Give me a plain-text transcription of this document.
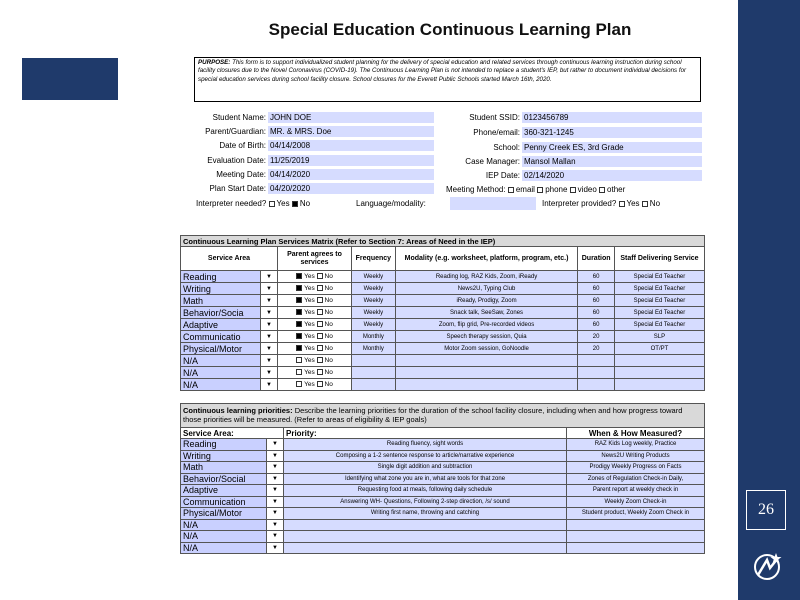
Special Education Continuous Learning Plan
PURPOSE: This form is to support individualized student planning for the delivery of special education and related services through continuous learning instruction during school facility closures due to the Novel Coronavirus (COVID-19). The Continuous Learning Plan is not intended to replace a student's IEP, but rather to document individual decisions for special education services during school facility closure. School closures for the Everett Public Schools started March 16th, 2020.
Student Name: JOHN DOE
Parent/Guardian: MR. & MRS. Doe
Date of Birth: 04/14/2008
Evaluation Date: 11/25/2019
Meeting Date: 04/14/2020
Plan Start Date: 04/20/2020
Student SSID: 0123456789
Phone/email: 360-321-1245
School: Penny Creek ES, 3rd Grade
Case Manager: Mansol Mallan
IEP Date: 02/14/2020
Meeting Method: email phone video other
Interpreter needed? Yes No	Language/modality:	Interpreter provided? Yes No
Continuous Learning Plan Services Matrix (Refer to Section 7: Areas of Need in the IEP)						
Service Area		Parent agrees to services	Frequency	Modality (e.g. worksheet, platform, program, etc.)	Duration	Staff Delivering Service
Reading	▼	Yes No	Weekly	Reading log, RAZ Kids, Zoom, iReady	60	Special Ed Teacher
Writing	▼	Yes No	Weekly	News2U, Typing Club	60	Special Ed Teacher
Math	▼	Yes No	Weekly	iReady, Prodigy, Zoom	60	Special Ed Teacher
Behavior/Socia	▼	Yes No	Weekly	Snack talk, SeeSaw, Zones	60	Special Ed Teacher
Adaptive	▼	Yes No	Weekly	Zoom, flip grid, Pre-recorded videos	60	Special Ed Teacher
Communicatio	▼	Yes No	Monthly	Speech therapy session, Quia	20	SLP
Physical/Motor	▼	Yes No	Monthly	Motor Zoom session, GoNoodle	20	OT/PT
N/A	▼	Yes No				
N/A	▼	Yes No				
N/A	▼	Yes No				
Continuous learning priorities: Describe the learning priorities for the duration of the school facility closure, including when and how progress toward those priorities will be measured. (Refer to areas of eligibility & IEP goals)			
Service Area:		Priority:	When & How Measured?
Reading	▼	Reading fluency, sight words	RAZ Kids Log weekly, Practice
Writing	▼	Composing a 1-2 sentence response to article/narrative experience	News2U Writing Products
Math	▼	Single digit addition and subtraction	Prodigy Weekly Progress on Facts
Behavior/Social	▼	Identifying what zone you are in, what are tools for that zone	Zones of Regulation Check-in Daily,
Adaptive	▼	Requesting food at meals, following daily schedule	Parent report at weekly check in
Communication	▼	Answering WH- Questions, Following 2-step direction, /s/ sound	Weekly Zoom Check-in
Physical/Motor	▼	Writing first name, throwing and catching	Student product, Weekly Zoom Check in
N/A	▼		
N/A	▼		
N/A	▼		
26
